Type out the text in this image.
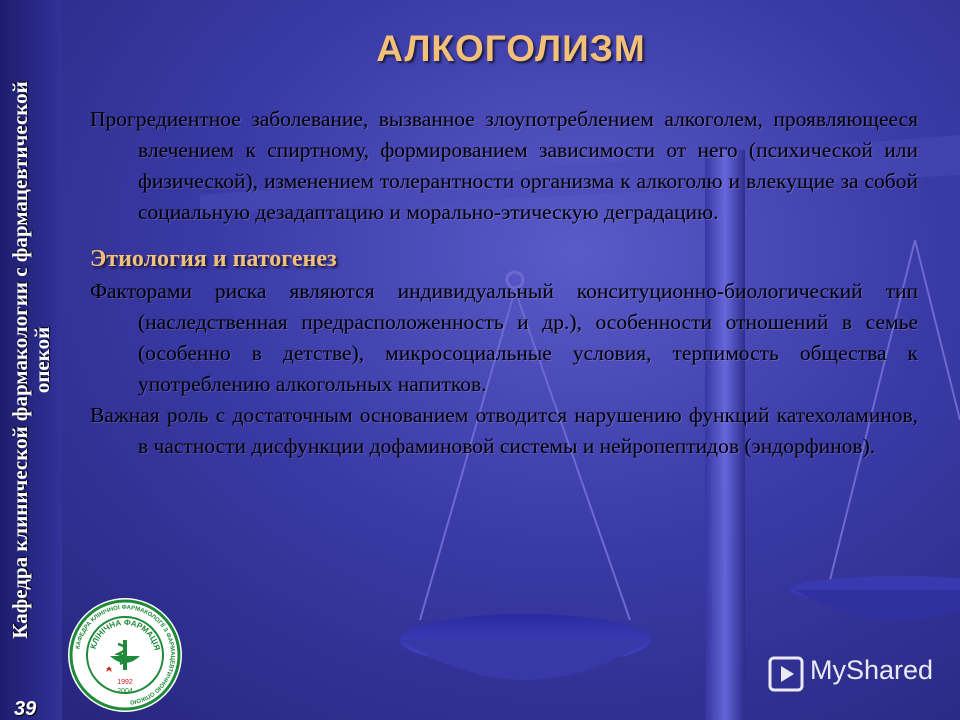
Кафедра клинической фармакологии с фармацевтической
опекой
39
АЛКОГОЛИЗМ

Прогредиентное заболевание, вызванное злоупотреблением алкоголем, проявляющееся влечением к спиртному, формированием зависимости от него (психической или физической), изменением толерантности организма к алкоголю и влекущие за собой социальную дезадаптацию и морально-этическую деградацию.

Этиология и патогенез

Факторами риска являются индивидуальный конситуционно-биологический тип (наследственная предрасположенность и др.), особенности отношений в семье (особенно в детстве), микросоциальные условия, терпимость общества к употреблению алкогольных напитков.

Важная роль с достаточным основанием отводится нарушению функций катехоламинов, в частности дисфункции дофаминовой системы и нейропептидов (эндорфинов).

КАФЕДРА КЛІНІЧНОЇ ФАРМАКОЛОГІЇ З ФАРМАЦЕВТИЧНОЮ ОПІКОЮ
КЛІНІЧНА ФАРМАЦІЯ
1992
2004
MyShared
